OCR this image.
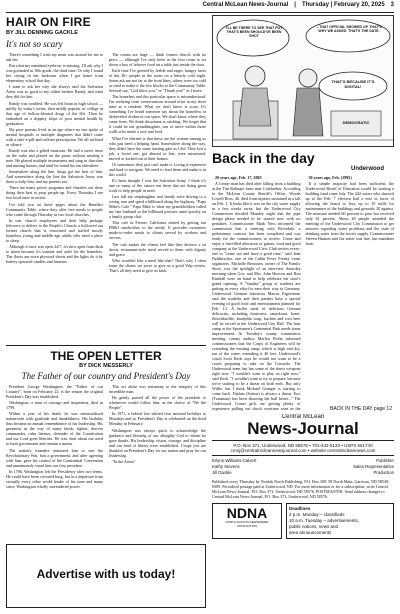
Central McLean News-Journal | Thursday | February 20, 2025 3
HAIR ON FIRE
BY JILL DENNING GACKLE
It's not so scary

There's something I wish my mom was around for me to ask her.

But what my mainland eyebrow is missing, I'll ask why I was grounded in 10th grade, the third time. Or why I found her crying in her bedroom when I got home from elementary school that day.

I want to ask her why she always said the Salvation Army was so good to my oldest brother Randy, and what they did for him.

Randy was troubled. He was left brain in high school — mildly by today's terms, then mildly popular in college in that age of hollow-bloated drugs of the 60s. Then he embarked on a slippery slope of poor mental health by graduation.

My poor parents lived in an age where no one spoke of mental hospitals or multiple diagnoses that didn't come with a take-a-pill-and-call-me prescription. We all suffered in silence.

Randy was also a gifted musician. He had a sweet tenor on the radio and played on the piano without missing a note. He played multiple instruments and sang in churches and nursing homes, and until he found his fan elsewhere.

Somewhere along the line, drugs got the best of him. And somewhere along the line the Salvation Army was there to help him, and my parents too.

There are many pricey programs and charities out there doing their best to prop people up. Every Thursday I see two local ones in action.

I've told you on these pages about the Benedict Community Table, where they offer free meals to people who come through Thursday in two local churches.

In one, church employees and their help package leftovers to deliver to the People's Church, a hollowed out former church that is renovated and staffed mostly homeless young and middle-age adults who need a place to sleep.

Although it once was open 24/7, it's now open from dusk to dawn because it's warmer and safer for the homeless. The floors are worn plywood sheets and the lights do it by battery operated candles and lanterns.

The rooms are huge — think former church with no pews — although I've only been in the first room to set down a box of leftover food on a table just inside the door.

Each time I've greeted by feeble and eager, hungry faces of the 30+ people in the room on a bitterly cold night. Some ask me not far at the front lines, others were too cold or tired to make it the few blocks to the Community Table. Several say, "God bless you," or "Thank you!" as I leave.

The homeless and this particular space is misunderstood. I'm realizing from conversations around town in my short time as a resident. What we don't know is scary. It's something I've heard someone say about the homeless or disheveled clothes in our space. We don't know where they came from. We think discontent is catching. We forget that it could be our granddaughter, son or niece within those walls who needs a roof and food.

What I've learned is that these are the women among us who just need a helping hand. Somewhere along the way, they didn't have the same starting gate as I did. They lost a job, a loved one, got abused or lost, were mistreated, moved or kicked out of their homes.

Or sometimes they just can't make it. Living is expensive and hard to navigate. We need to feed them and make it in this world.

It's been thought I was the Salvation Army. I think it's one or many of the causes out there that are doing great work to help people in need.

Last fall my stepdaughter and family were driving to a wrong turn and spied a billboard along the highway. "Papa Mike's Cafe." Papa Mike is what my grandchildren called my late husband so the billboard pictures came quickly on a family group chat.

This cafe in Fresno, California started by getting out PB&J sandwiches to the needy. It provides customers made-to-order meals to clients served by workers and servers.

The cafe makes the clients feel like they deserve a sit down, restaurant-style meal served to them with dignity and grace.

Who wouldn't like a meal like that? That's why I often tease the clients we serve to give us a good Yelp review. That's all they need to give us back.

I'LL BE THERE TO SEE THAT PUT THAT'S BEEN SHOULD'VE BEEN SHOT
...THAT OFFICIAL SHOWED UP. THAT'S WHY WE ASKED. THAT'S THE DATE.
THAT'S BECAUSE IT'S DIGITAL!
DEMOCRATIC
Back in the day
Underwood

20 years ago, Feb. 17, 2005

A Center man has died after falling from a building at the Tim Rolinger farm near Coleharbor. According to the McLean County Sheriff's Office, Woods Lowell Ross, 46, died from injuries sustained in a fall on Feb. 1. It looks like it was on the city water supply in a few weeks away, but the Underwood City Commission decided Monday night that the pipe design phase needed to be started now with no penalties. Commissioner Mark Ness informed the commission that a meeting with Riverdale, a preliminary contract has been completed and was ready for the commissioners to review. Come and enjoy a fun-filled afternoon of games, food and good company at the Underwood Civic Club invites every-one to "come out and have a good time," said Jane Fudderscher, one of the Cabin Fever Frenzy event organizers. Michelle Broussen, owner of The Family Store, was the spotlight of an interview Saturday morning when Gov. and Mrs. John Hoeven and Ron Kimball were on hand to help celebrate the store's grand opening. A "Sunday" group of students are putting in every effort to earn their way to Germany. Underwood German instructor Marcia Fagerstrom said the students and their parents have a special evening of good food and entertainment planned for Feb. 13. A buffet meal of delicious German delicacies, including bratwurst, sauerkraut, kraut, fleischkuchle, knoephla soup, kuchen and root beer will be served at the Underwood City Hall. The host camp at the Sportsmen's Centennial Park needs some improvement. At Tuesday's county commission meeting, county auditor Marlyn Prohn informed commissioners that the Corps of Engineers will be extending the existing ramp, which is high and dry, out of the water, extending it 40 feet. Underwood's coach Scott Keck says he would not want to be a coach preparing to take on the Cossacks. The Underwood team last has some of the finest weapons right now. "I wouldn't want to play us right now," said Keck. "I wouldn't want to try to prepare, because we're starting to be a threat on both ends. But only Willie, but I think Michael Granger is starting to come back. Nathan (Sutton) is always a threat. Eric (Trautman) has been shooting the ball better..." The Underwood Comet girls are getting plenty of experience pulling out clutch overtime wins as the

30 years ago, Feb. (1995)

If a simple majority had been sufficient, the Underwood Board of Education would be starting a building fund come July. The 242 voters who showed up at the Feb. 7 election had a vote in favor of allowing the board to levy up to 10 mills for maintenance of the buildings and grounds, 20 against. The measure needed 60 percent to pass but received only 61 percent. About 40 people attended the meeting of the Underwood City Commission to get answers regarding water problems and the state of drinking water from the town's supply. Commissioner Steven Hanson said the water was fine, but mandates from

BACK IN THE DAY page 12
THE OPEN LETTER
BY DICK MESSERLY
The Father of our country and President's Day

President George Washington, the "Father of our Country", born on February 22, is the reason the original President's Day was established.

Washington, a man of courage and inspiration, died in 1799.

Within a year of his death, he was memorialized nationwide with gratitude and thankfulness. His birthday thus became an annual remembrance of his leadership. His greatness in the way of many kinds: fighter, derives commander, calm listener, defender of the Constitution and our Lord greet liberties. He was clear about our need to limit government and remain a nation.

The nation's founders entrusted him to win the Revolutionary War, ban a government, and after agreeing with him, gave his control of the Continental Convention and unanimously voted him our first president.

In 1796, Washington left the Presidency after two terms. He could have been crowned king, but in a departure from virtually every other world leader of his time and many since, Washington wholly surrendered power.

This act alone was testimony to the integrity of this incredible man.

He gently passed all the power of the president to whomever would follow him, as the choice of "We the People".

In 1971, a federal law shifted four national holidays to Mondays and so President's Day is celebrated on the third Monday in February.

Washington was always quick to acknowledge the guidance and blessing of our almighty God to whom he gave thanks. His leadership, vision, courage, and discipline and our land of liberty were established. I hope you are thankful on President's Day for our nation and pray for our leadership.

"In the Arena"

Advertise with us today!
Central McLean
News-Journal
P.O. Box 371, Underwood, ND 58576 • 701-442-5120 • USPS 661740
cmnj@centralmcleannewsjournal.com • website centralmcleannews.com
Erlynn Williams-Calvert	Publisher
Kathy Stevens	Sales Representative
Jill Gackle	Production
Published every Thursday by Nordak North Publishing, P.O. Box 309, 59 North Main, Garrison, ND 58540-0309. Periodical postage paid at Underwood, ND. For more information or for a subscription, write Central McLean News-Journal, P.O. Box 371, Underwood, ND 58576. POSTMASTER: Send address changes to Central McLean News-Journal, P.O. Box 371, Underwood, ND 58576.
NDNA
NORTH DAKOTA NEWSPAPER ASSOCIATION
Deadlines
2 p.m. Monday – classifieds
10 a.m. Tuesday – advertisements,
public notices, news and
area announcements
